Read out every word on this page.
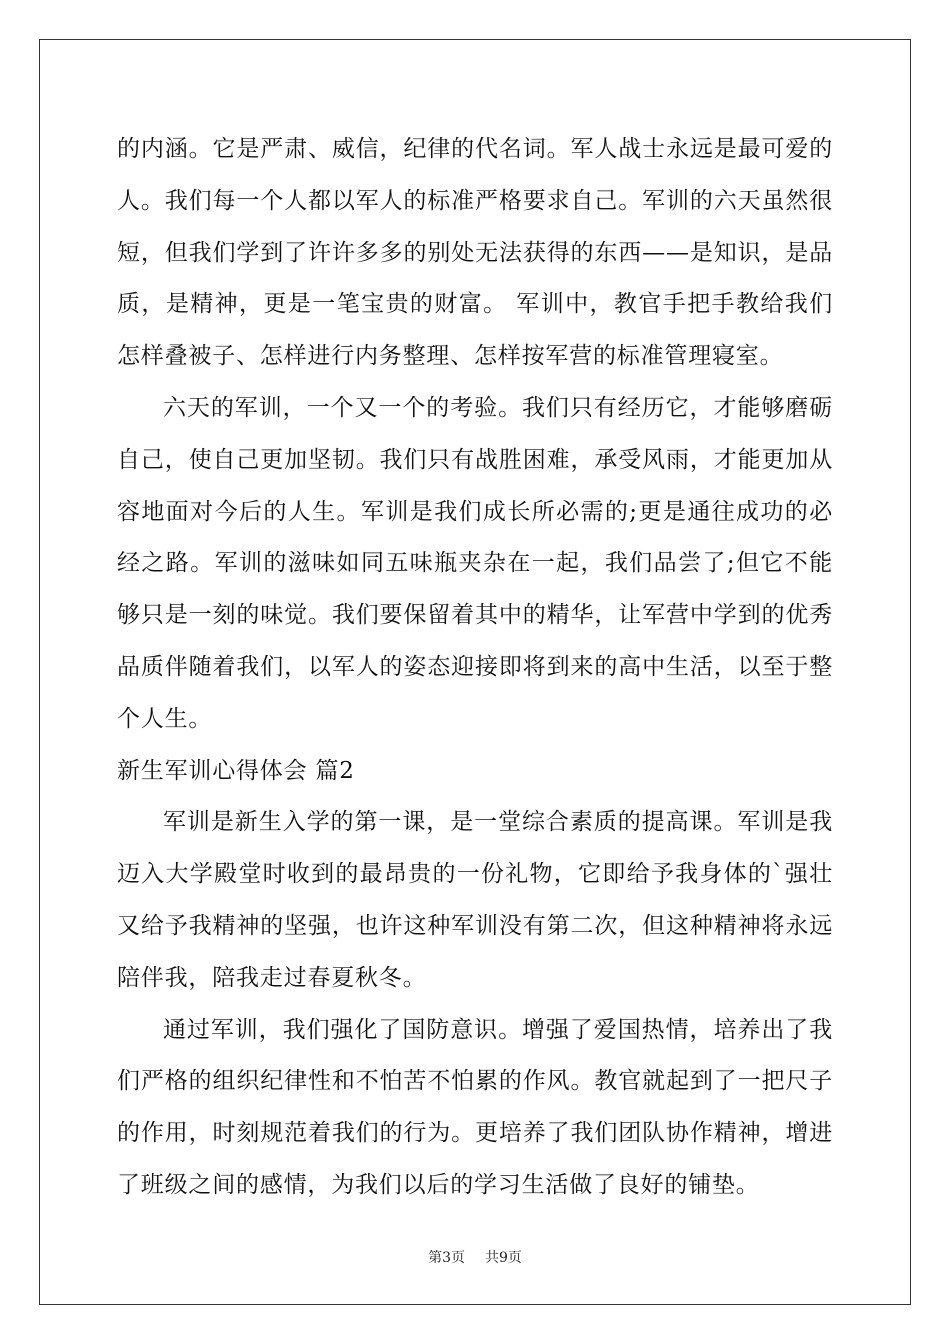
的内涵。它是严肃、威信，纪律的代名词。军人战士永远是最可爱的人。我们每一个人都以军人的标准严格要求自己。军训的六天虽然很短，但我们学到了许许多多的别处无法获得的东西——是知识，是品质，是精神，更是一笔宝贵的财富。 军训中，教官手把手教给我们怎样叠被子、怎样进行内务整理、怎样按军营的标准管理寝室。

六天的军训，一个又一个的考验。我们只有经历它，才能够磨砺自己，使自己更加坚韧。我们只有战胜困难，承受风雨，才能更加从容地面对今后的人生。军训是我们成长所必需的;更是通往成功的必经之路。军训的滋味如同五味瓶夹杂在一起，我们品尝了;但它不能够只是一刻的味觉。我们要保留着其中的精华，让军营中学到的优秀品质伴随着我们，以军人的姿态迎接即将到来的高中生活，以至于整个人生。

新生军训心得体会 篇2

军训是新生入学的第一课，是一堂综合素质的提高课。军训是我迈入大学殿堂时收到的最昂贵的一份礼物，它即给予我身体的`强壮又给予我精神的坚强，也许这种军训没有第二次，但这种精神将永远陪伴我，陪我走过春夏秋冬。

通过军训，我们强化了国防意识。增强了爱国热情，培养出了我们严格的组织纪律性和不怕苦不怕累的作风。教官就起到了一把尺子的作用，时刻规范着我们的行为。更培养了我们团队协作精神，增进了班级之间的感情，为我们以后的学习生活做了良好的铺垫。

第3页 共9页
